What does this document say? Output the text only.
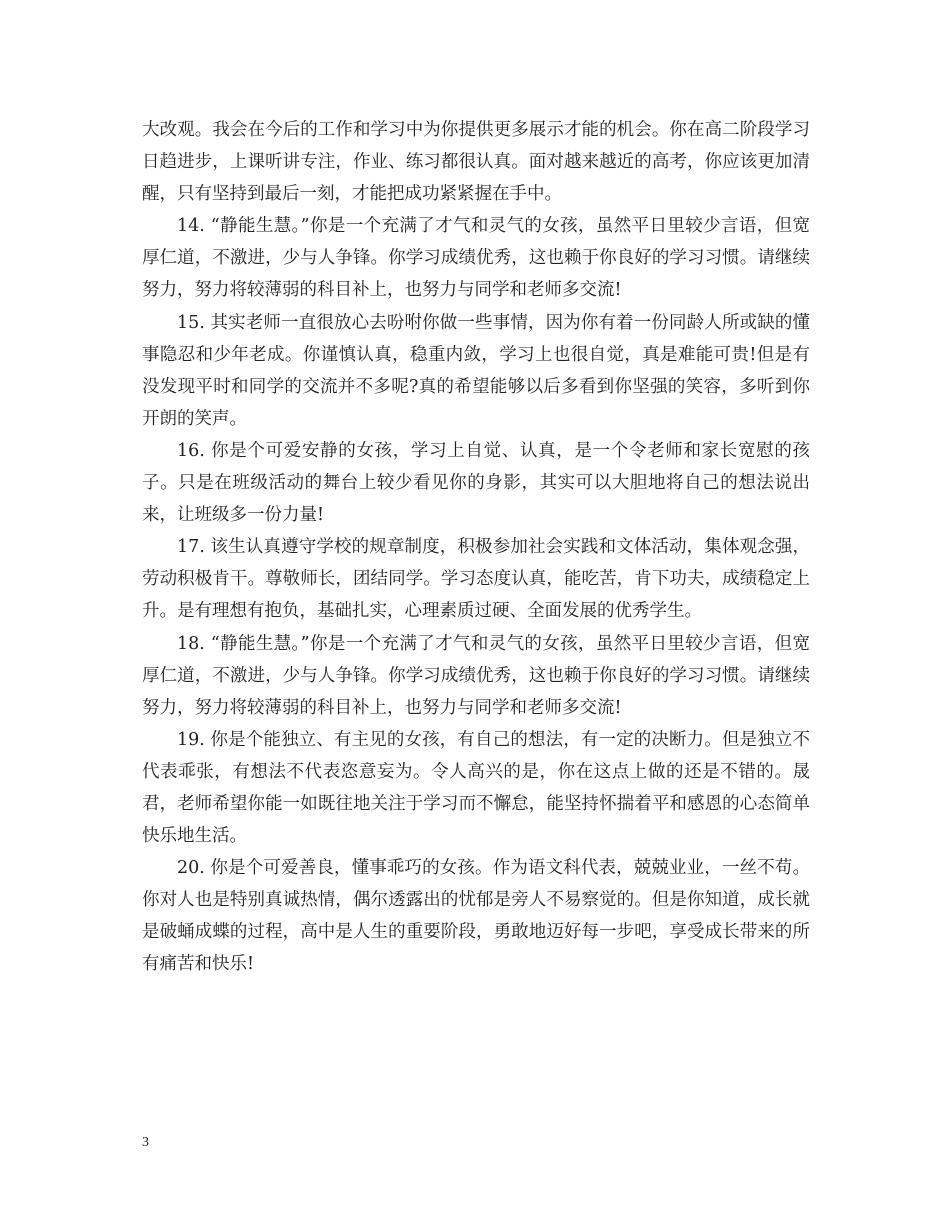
大改观。我会在今后的工作和学习中为你提供更多展示才能的机会。你在高二阶段学习日趋进步，上课听讲专注，作业、练习都很认真。面对越来越近的高考，你应该更加清醒，只有坚持到最后一刻，才能把成功紧紧握在手中。

14. “静能生慧。”你是一个充满了才气和灵气的女孩，虽然平日里较少言语，但宽厚仁道，不激进，少与人争锋。你学习成绩优秀，这也赖于你良好的学习习惯。请继续努力，努力将较薄弱的科目补上，也努力与同学和老师多交流!

15. 其实老师一直很放心去吩咐你做一些事情，因为你有着一份同龄人所或缺的懂事隐忍和少年老成。你谨慎认真，稳重内敛，学习上也很自觉，真是难能可贵!但是有没发现平时和同学的交流并不多呢?真的希望能够以后多看到你坚强的笑容，多听到你开朗的笑声。

16. 你是个可爱安静的女孩，学习上自觉、认真，是一个令老师和家长宽慰的孩子。只是在班级活动的舞台上较少看见你的身影，其实可以大胆地将自己的想法说出来，让班级多一份力量!

17. 该生认真遵守学校的规章制度，积极参加社会实践和文体活动，集体观念强，劳动积极肯干。尊敬师长，团结同学。学习态度认真，能吃苦，肯下功夫，成绩稳定上升。是有理想有抱负，基础扎实，心理素质过硬、全面发展的优秀学生。

18. “静能生慧。”你是一个充满了才气和灵气的女孩，虽然平日里较少言语，但宽厚仁道，不激进，少与人争锋。你学习成绩优秀，这也赖于你良好的学习习惯。请继续努力，努力将较薄弱的科目补上，也努力与同学和老师多交流!

19. 你是个能独立、有主见的女孩，有自己的想法，有一定的决断力。但是独立不代表乖张，有想法不代表恣意妄为。令人高兴的是，你在这点上做的还是不错的。晟君，老师希望你能一如既往地关注于学习而不懈怠，能坚持怀揣着平和感恩的心态简单快乐地生活。

20. 你是个可爱善良，懂事乖巧的女孩。作为语文科代表，兢兢业业，一丝不苟。你对人也是特别真诚热情，偶尔透露出的忧郁是旁人不易察觉的。但是你知道，成长就是破蛹成蝶的过程，高中是人生的重要阶段，勇敢地迈好每一步吧，享受成长带来的所有痛苦和快乐!

3
